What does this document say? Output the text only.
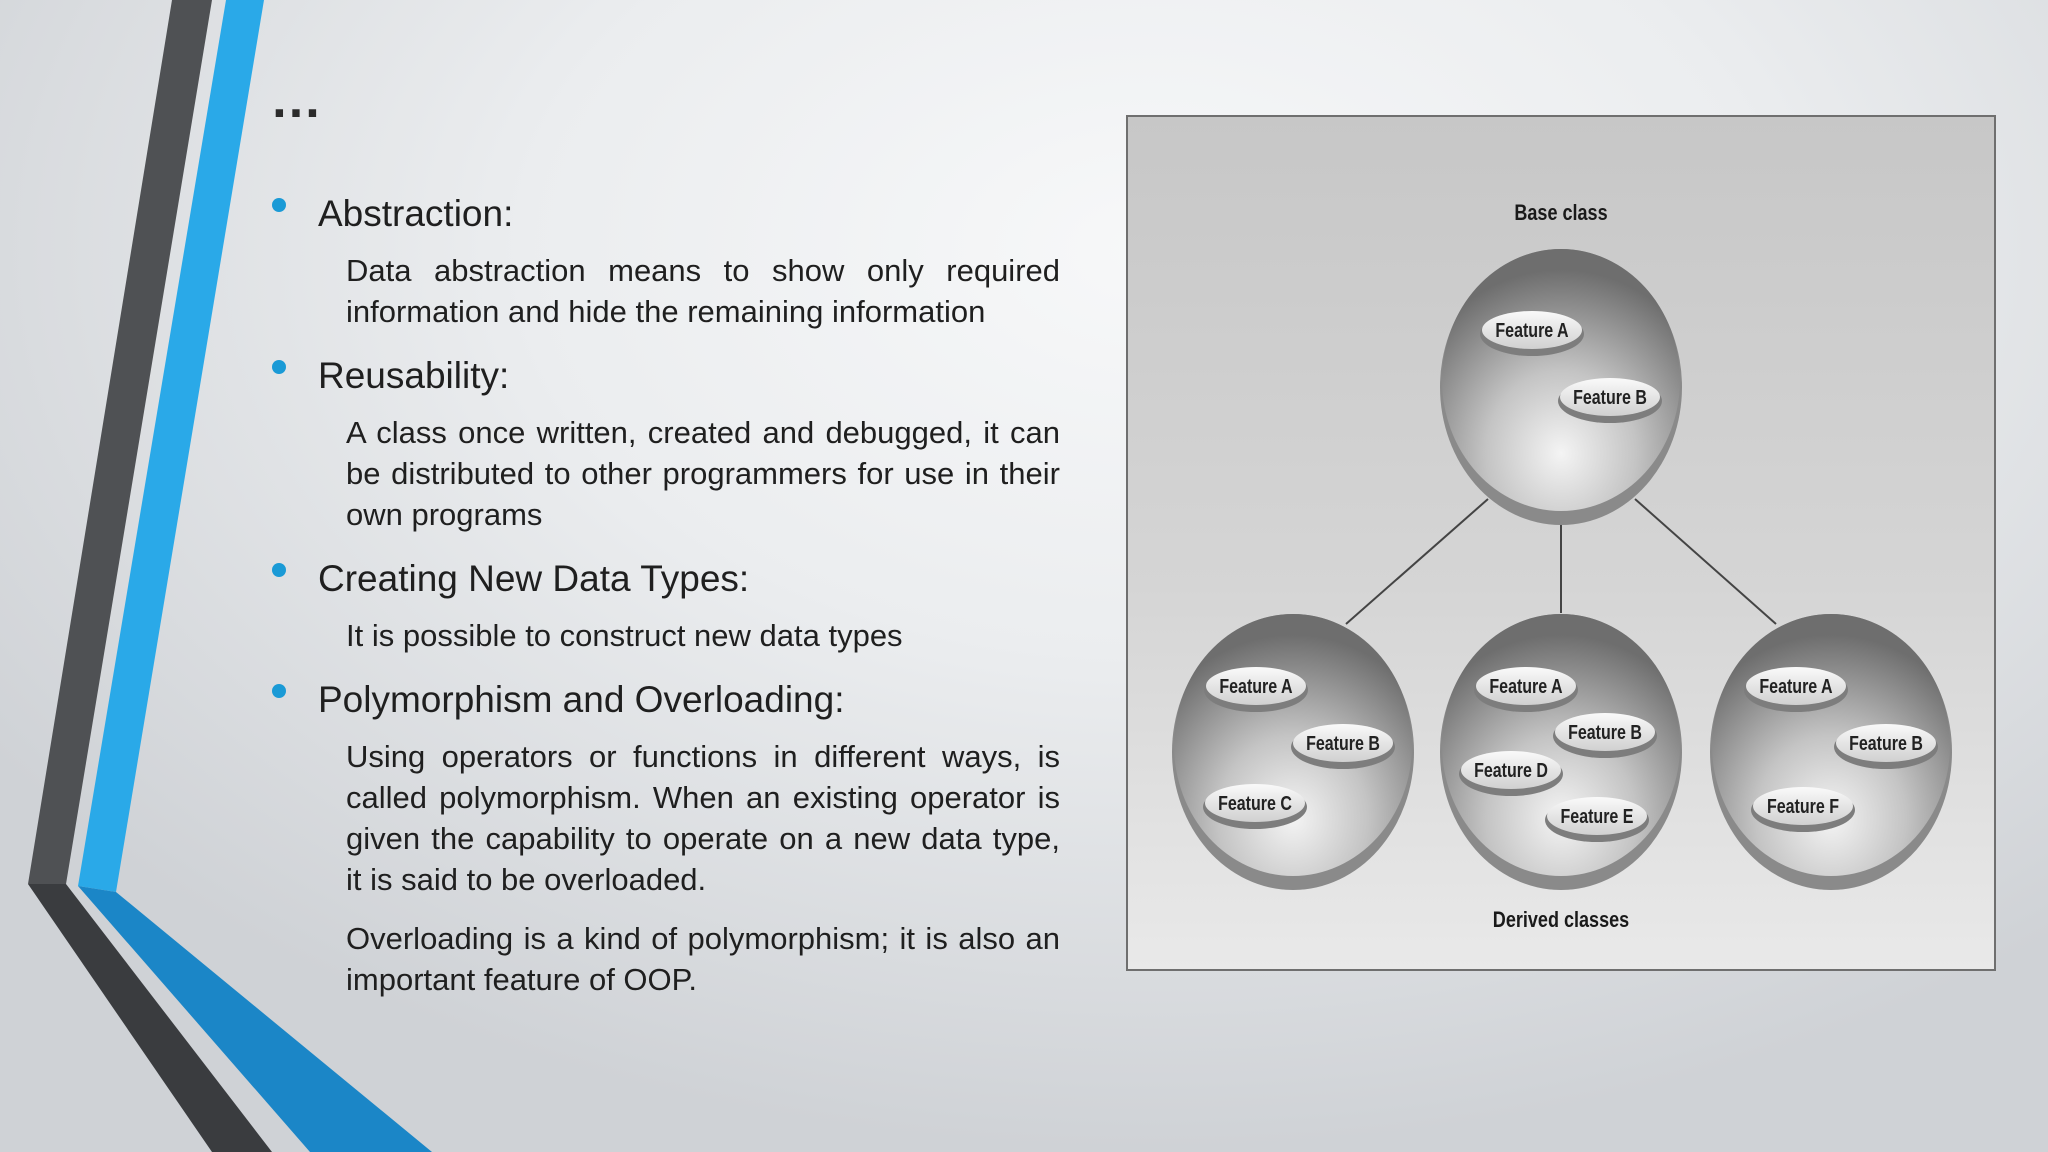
…

Abstraction:

Data abstraction means to show only required information and hide the remaining information

Reusability:

A class once written, created and debugged, it can be distributed to other programmers for use in their own programs

Creating New Data Types:

It is possible to construct new data types

Polymorphism and Overloading:

Using operators or functions in different ways, is called polymorphism. When an existing operator is given the capability to operate on a new data type, it is said to be overloaded.

Overloading is a kind of polymorphism; it is also an important feature of OOP.

Base class
Derived classes
Feature A
Feature B
Feature A
Feature B
Feature C
Feature A
Feature B
Feature D
Feature E
Feature A
Feature B
Feature F
